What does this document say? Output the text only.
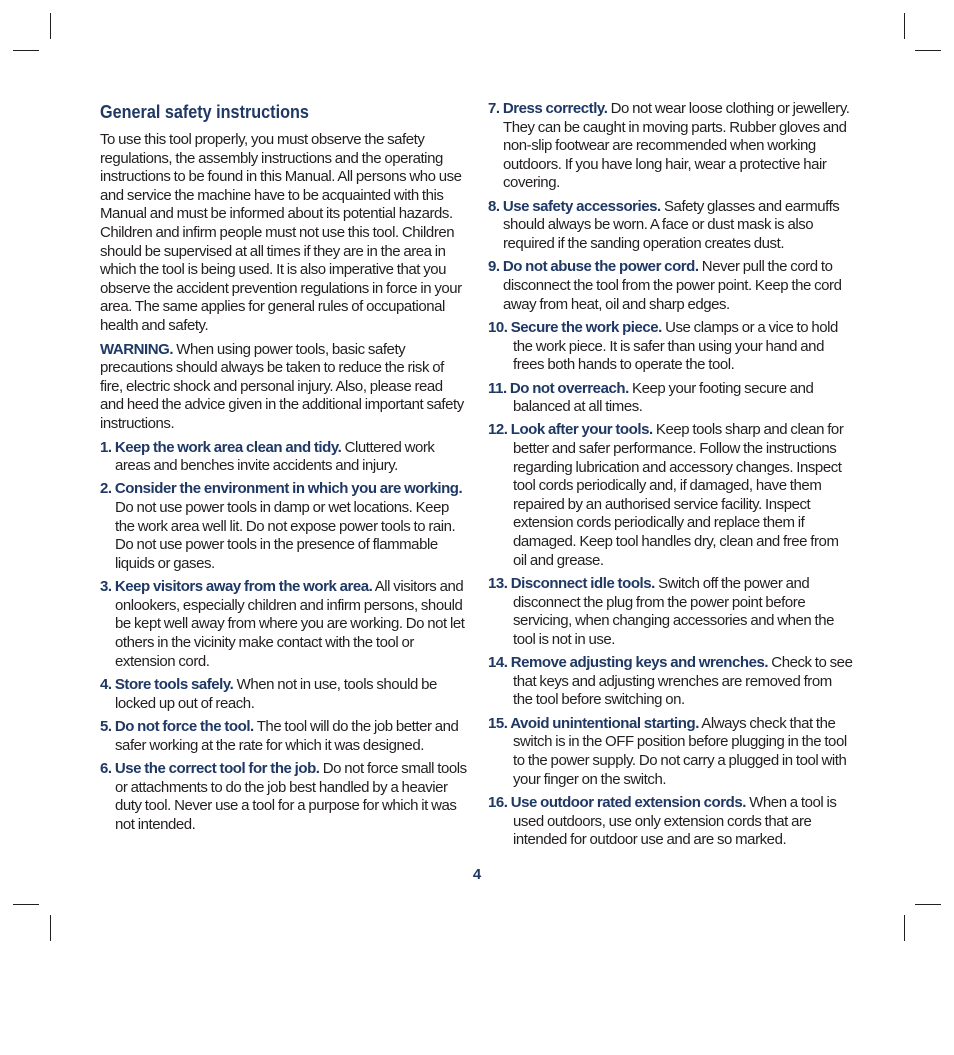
General safety instructions

To use this tool properly, you must observe the safety regulations, the assembly instructions and the operating instructions to be found in this Manual. All persons who use and service the machine have to be acquainted with this Manual and must be informed about its potential hazards. Children and infirm people must not use this tool. Children should be supervised at all times if they are in the area in which the tool is being used. It is also imperative that you observe the accident prevention regulations in force in your area. The same applies for general rules of occupational health and safety.

WARNING. When using power tools, basic safety precautions should always be taken to reduce the risk of fire, electric shock and personal injury. Also, please read and heed the advice given in the additional important safety instructions.

1. Keep the work area clean and tidy. Cluttered work areas and benches invite accidents and injury.

2. Consider the environment in which you are working. Do not use power tools in damp or wet locations. Keep the work area well lit. Do not expose power tools to rain. Do not use power tools in the presence of flammable liquids or gases.

3. Keep visitors away from the work area. All visitors and onlookers, especially children and infirm persons, should be kept well away from where you are working. Do not let others in the vicinity make contact with the tool or extension cord.

4. Store tools safely. When not in use, tools should be locked up out of reach.

5. Do not force the tool. The tool will do the job better and safer working at the rate for which it was designed.

6. Use the correct tool for the job. Do not force small tools or attachments to do the job best handled by a heavier duty tool. Never use a tool for a purpose for which it was not intended.

7. Dress correctly. Do not wear loose clothing or jewellery. They can be caught in moving parts. Rubber gloves and non-slip footwear are recommended when working outdoors. If you have long hair, wear a protective hair covering.

8. Use safety accessories. Safety glasses and earmuffs should always be worn. A face or dust mask is also required if the sanding operation creates dust.

9. Do not abuse the power cord. Never pull the cord to disconnect the tool from the power point. Keep the cord away from heat, oil and sharp edges.

10. Secure the work piece. Use clamps or a vice to hold the work piece. It is safer than using your hand and frees both hands to operate the tool.

11. Do not overreach. Keep your footing secure and balanced at all times.

12. Look after your tools. Keep tools sharp and clean for better and safer performance. Follow the instructions regarding lubrication and accessory changes. Inspect tool cords periodically and, if damaged, have them repaired by an authorised service facility. Inspect extension cords periodically and replace them if damaged. Keep tool handles dry, clean and free from oil and grease.

13. Disconnect idle tools. Switch off the power and disconnect the plug from the power point before servicing, when changing accessories and when the tool is not in use.

14. Remove adjusting keys and wrenches. Check to see that keys and adjusting wrenches are removed from the tool before switching on.

15. Avoid unintentional starting. Always check that the switch is in the OFF position before plugging in the tool to the power supply. Do not carry a plugged in tool with your finger on the switch.

16. Use outdoor rated extension cords. When a tool is used outdoors, use only extension cords that are intended for outdoor use and are so marked.

4
